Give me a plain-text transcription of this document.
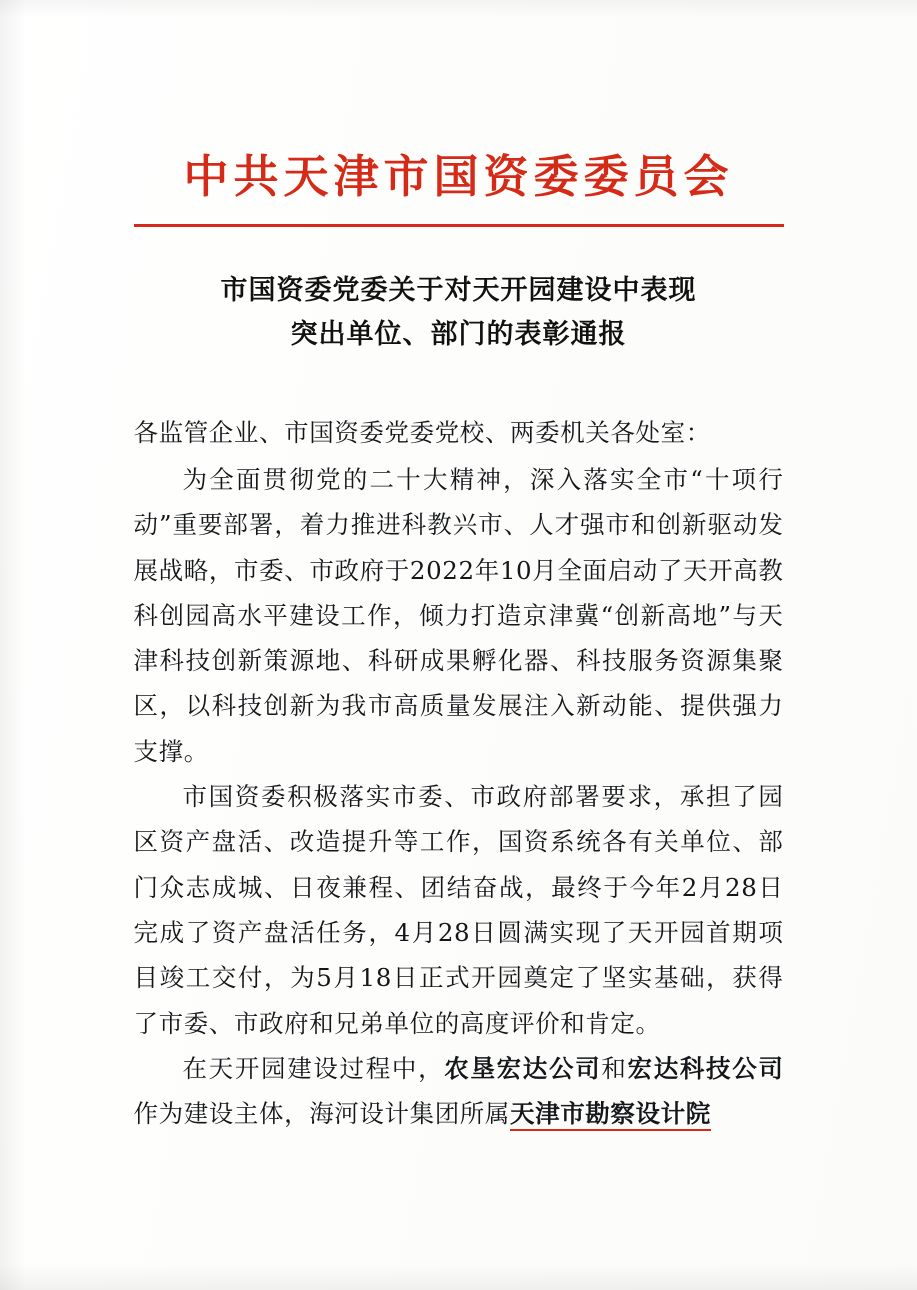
中共天津市国资委委员会
市国资委党委关于对天开园建设中表现
突出单位、部门的表彰通报
各监管企业、市国资委党委党校、两委机关各处室：

为全面贯彻党的二十大精神，深入落实全市“十项行动”重要部署，着力推进科教兴市、人才强市和创新驱动发展战略，市委、市政府于2022年10月全面启动了天开高教科创园高水平建设工作，倾力打造京津冀“创新高地”与天津科技创新策源地、科研成果孵化器、科技服务资源集聚区，以科技创新为我市高质量发展注入新动能、提供强力支撑。

市国资委积极落实市委、市政府部署要求，承担了园区资产盘活、改造提升等工作，国资系统各有关单位、部门众志成城、日夜兼程、团结奋战，最终于今年2月28日完成了资产盘活任务，4月28日圆满实现了天开园首期项目竣工交付，为5月18日正式开园奠定了坚实基础，获得了市委、市政府和兄弟单位的高度评价和肯定。

在天开园建设过程中，农垦宏达公司和宏达科技公司作为建设主体，海河设计集团所属天津市勘察设计院
